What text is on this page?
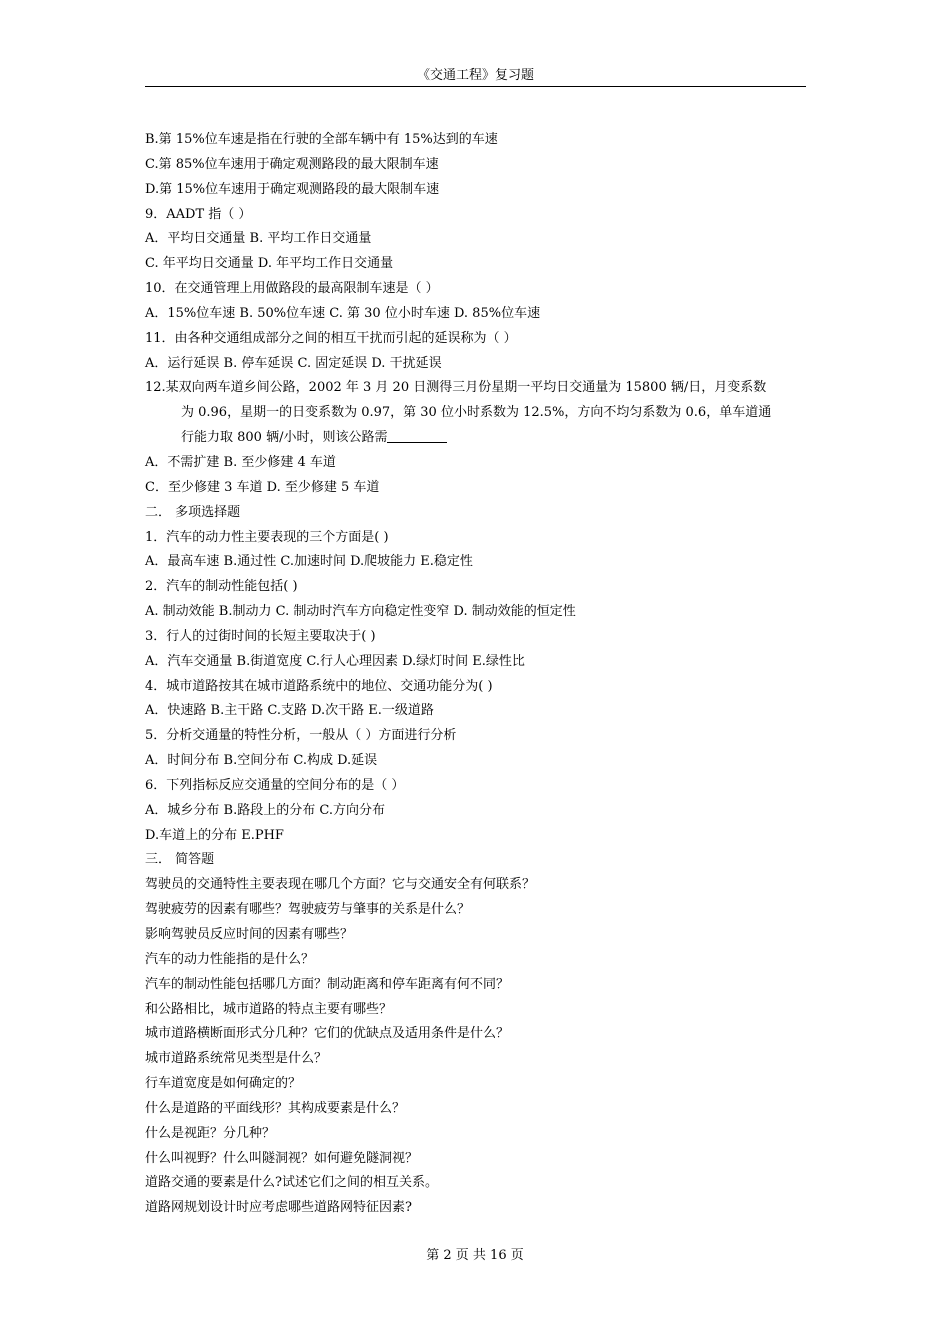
《交通工程》复习题
B.第 15%位车速是指在行驶的全部车辆中有 15%达到的车速
C.第 85%位车速用于确定观测路段的最大限制车速
D.第 15%位车速用于确定观测路段的最大限制车速
9．AADT 指（ ）
A．平均日交通量 B. 平均工作日交通量
C. 年平均日交通量 D. 年平均工作日交通量
10．在交通管理上用做路段的最高限制车速是（ ）
A．15%位车速 B. 50%位车速 C. 第 30 位小时车速 D. 85%位车速
11．由各种交通组成部分之间的相互干扰而引起的延误称为（ ）
A．运行延误 B. 停车延误 C. 固定延误 D. 干扰延误
12.某双向两车道乡间公路，2002 年 3 月 20 日测得三月份星期一平均日交通量为 15800 辆/日，月变系数
为 0.96，星期一的日变系数为 0.97，第 30 位小时系数为 12.5%，方向不均匀系数为 0.6，单车道通
行能力取 800 辆/小时，则该公路需
A．不需扩建 B. 至少修建 4 车道
C．至少修建 3 车道 D. 至少修建 5 车道
二． 多项选择题
1．汽车的动力性主要表现的三个方面是( )
A．最高车速 B.通过性 C.加速时间 D.爬坡能力 E.稳定性
2．汽车的制动性能包括( )
A. 制动效能 B.制动力 C. 制动时汽车方向稳定性变窄 D. 制动效能的恒定性
3．行人的过街时间的长短主要取决于( )
A．汽车交通量 B.街道宽度 C.行人心理因素 D.绿灯时间 E.绿性比
4．城市道路按其在城市道路系统中的地位、交通功能分为( )
A．快速路 B.主干路 C.支路 D.次干路 E.一级道路
5．分析交通量的特性分析，一般从（ ）方面进行分析
A．时间分布 B.空间分布 C.构成 D.延误
6．下列指标反应交通量的空间分布的是（ ）
A．城乡分布 B.路段上的分布 C.方向分布
D.车道上的分布 E.PHF
三． 简答题
驾驶员的交通特性主要表现在哪几个方面？它与交通安全有何联系？
驾驶疲劳的因素有哪些？驾驶疲劳与肇事的关系是什么？
影响驾驶员反应时间的因素有哪些？
汽车的动力性能指的是什么？
汽车的制动性能包括哪几方面？制动距离和停车距离有何不同？
和公路相比，城市道路的特点主要有哪些？
城市道路横断面形式分几种？它们的优缺点及适用条件是什么？
城市道路系统常见类型是什么？
行车道宽度是如何确定的？
什么是道路的平面线形？其构成要素是什么？
什么是视距？分几种？
什么叫视野？什么叫隧洞视？如何避免隧洞视？
道路交通的要素是什么?试述它们之间的相互关系。
道路网规划设计时应考虑哪些道路网特征因素?
第 2 页 共 16 页
